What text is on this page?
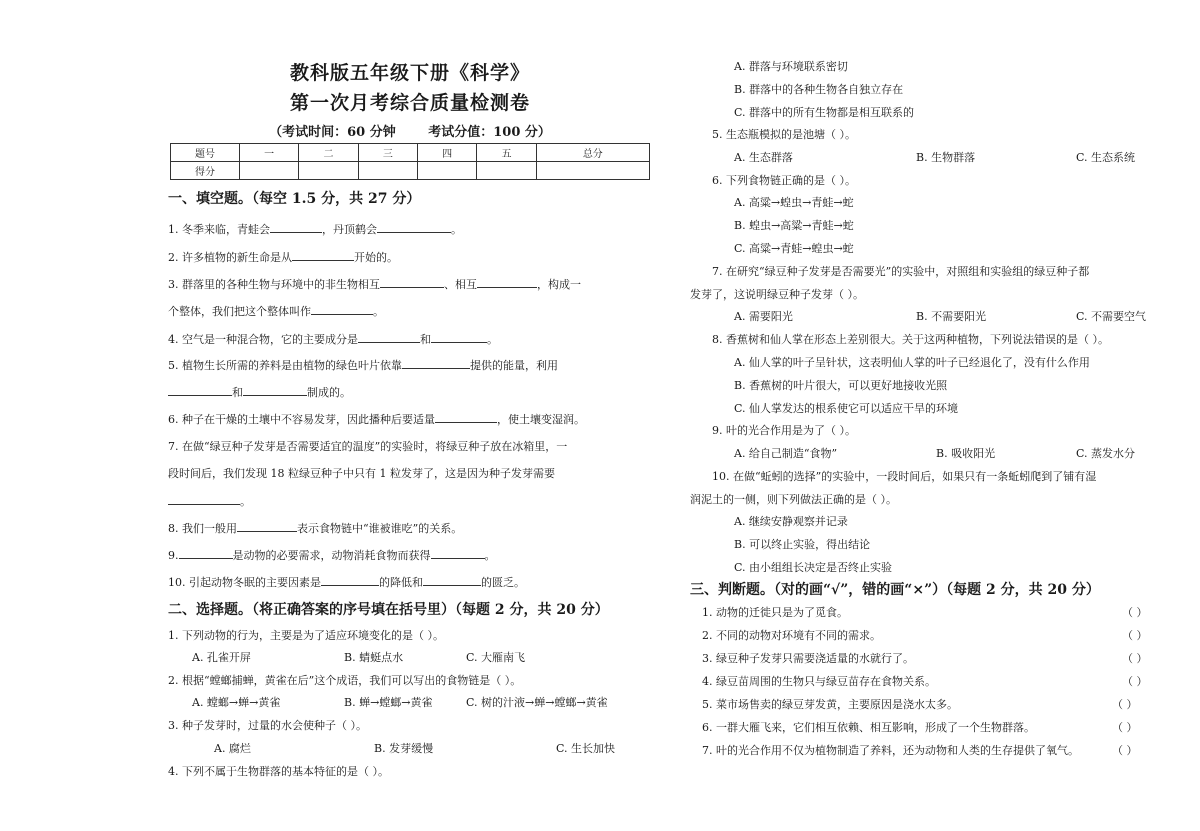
教科版五年级下册《科学》
第一次月考综合质量检测卷
（考试时间：60 分钟	考试分值：100 分）
题号	一	二	三	四	五	总分
得分						
一、填空题。（每空 1.5 分，共 27 分）
1. 冬季来临，青蛙会	，丹顶鹤会	。
2. 许多植物的新生命是从	开始的。
3. 群落里的各种生物与环境中的非生物相互	、相互	，构成一
个整体，我们把这个整体叫作	。
4. 空气是一种混合物，它的主要成分是	和	。
5. 植物生长所需的养料是由植物的绿色叶片依靠	提供的能量，利用
和	制成的。
6. 种子在干燥的土壤中不容易发芽，因此播种后要适量	，使土壤变湿润。
7. 在做“绿豆种子发芽是否需要适宜的温度”的实验时，将绿豆种子放在冰箱里，一
段时间后，我们发现 18 粒绿豆种子中只有 1 粒发芽了，这是因为种子发芽需要
。
8. 我们一般用	表示食物链中“谁被谁吃”的关系。
9.	是动物的必要需求，动物消耗食物而获得	。
10. 引起动物冬眠的主要因素是	的降低和	的匮乏。
二、选择题。（将正确答案的序号填在括号里）（每题 2 分，共 20 分）
1. 下列动物的行为，主要是为了适应环境变化的是（ ）。
A. 孔雀开屏	B. 蜻蜓点水	C. 大雁南飞
2. 根据“螳螂捕蝉，黄雀在后”这个成语，我们可以写出的食物链是（ ）。
A. 螳螂→蝉→黄雀	B. 蝉→螳螂→黄雀	C. 树的汁液→蝉→螳螂→黄雀
3. 种子发芽时，过量的水会使种子（ ）。
A. 腐烂	B. 发芽缓慢	C. 生长加快
4. 下列不属于生物群落的基本特征的是（ ）。
A. 群落与环境联系密切
B. 群落中的各种生物各自独立存在
C. 群落中的所有生物都是相互联系的
5. 生态瓶模拟的是池塘（ ）。
A. 生态群落	B. 生物群落	C. 生态系统
6. 下列食物链正确的是（ ）。
A. 高粱→蝗虫→青蛙→蛇
B. 蝗虫→高粱→青蛙→蛇
C. 高粱→青蛙→蝗虫→蛇
7. 在研究“绿豆种子发芽是否需要光”的实验中，对照组和实验组的绿豆种子都
发芽了，这说明绿豆种子发芽（ ）。
A. 需要阳光	B. 不需要阳光	C. 不需要空气
8. 香蕉树和仙人掌在形态上差别很大。关于这两种植物，下列说法错误的是（ ）。
A. 仙人掌的叶子呈针状，这表明仙人掌的叶子已经退化了，没有什么作用
B. 香蕉树的叶片很大，可以更好地接收光照
C. 仙人掌发达的根系使它可以适应干旱的环境
9. 叶的光合作用是为了（ ）。
A. 给自己制造“食物”	B. 吸收阳光	C. 蒸发水分
10. 在做“蚯蚓的选择”的实验中，一段时间后，如果只有一条蚯蚓爬到了铺有湿
润泥土的一侧，则下列做法正确的是（ ）。
A. 继续安静观察并记录
B. 可以终止实验，得出结论
C. 由小组组长决定是否终止实验
三、判断题。（对的画“√”，错的画“×”）（每题 2 分，共 20 分）
1. 动物的迁徙只是为了觅食。	（ ）
2. 不同的动物对环境有不同的需求。	（ ）
3. 绿豆种子发芽只需要浇适量的水就行了。	（ ）
4. 绿豆苗周围的生物只与绿豆苗存在食物关系。	（ ）
5. 菜市场售卖的绿豆芽发黄，主要原因是浇水太多。	（ ）
6. 一群大雁飞来，它们相互依赖、相互影响，形成了一个生物群落。	（ ）
7. 叶的光合作用不仅为植物制造了养料，还为动物和人类的生存提供了氧气。	（ ）
